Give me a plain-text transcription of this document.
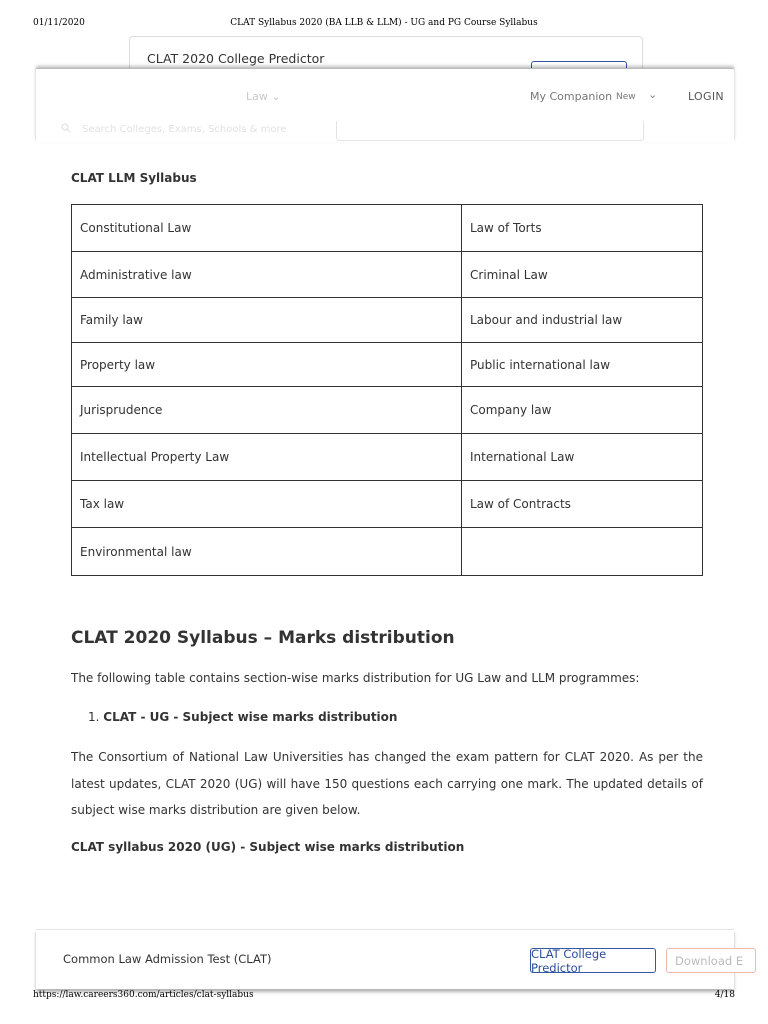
01/11/2020	CLAT Syllabus 2020 (BA LLB & LLM) - UG and PG Course Syllabus
CLAT 2020 College Predictor
Law ⌄	My Companion New ⌄	LOGIN
Search Colleges, Exams, Schools & more
CLAT LLM Syllabus
Constitutional Law	Law of Torts
Administrative law	Criminal Law
Family law	Labour and industrial law
Property law	Public international law
Jurisprudence	Company law
Intellectual Property Law	International Law
Tax law	Law of Contracts
Environmental law	
CLAT 2020 Syllabus – Marks distribution

The following table contains section-wise marks distribution for UG Law and LLM programmes:

1. CLAT - UG - Subject wise marks distribution

The Consortium of National Law Universities has changed the exam pattern for CLAT 2020. As per the latest updates, CLAT 2020 (UG) will have 150 questions each carrying one mark. The updated details of subject wise marks distribution are given below.

CLAT syllabus 2020 (UG) - Subject wise marks distribution
Common Law Admission Test (CLAT)	CLAT College Predictor	Download E
https://law.careers360.com/articles/clat-syllabus	4/18
